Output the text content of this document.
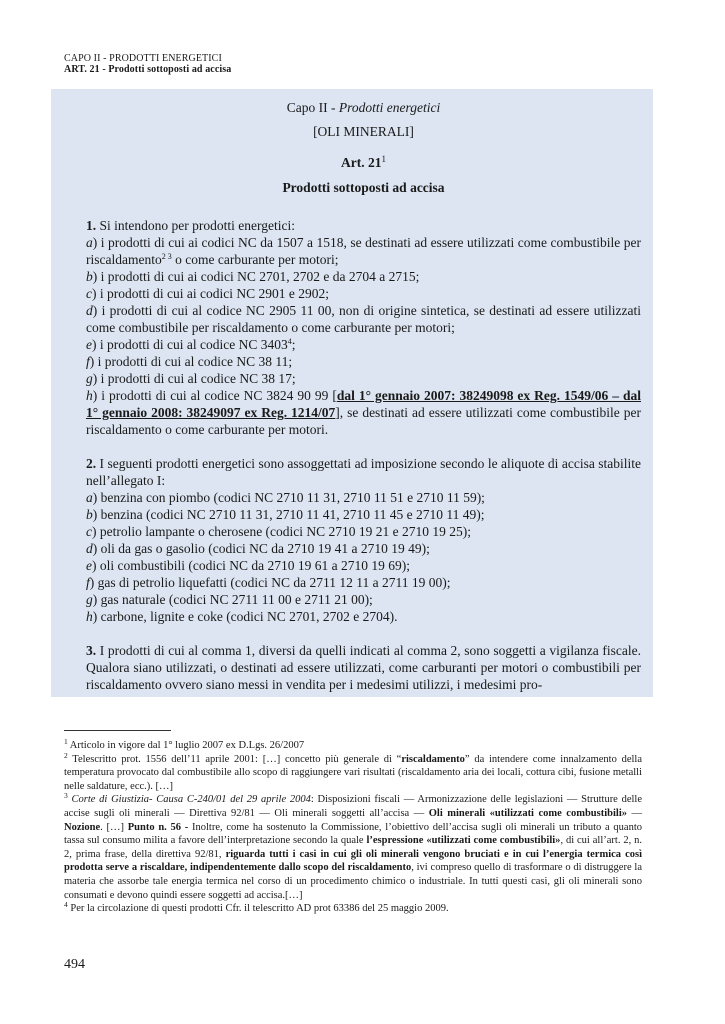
CAPO II - PRODOTTI ENERGETICI
ART. 21 - Prodotti sottoposti ad accisa
Capo II - Prodotti energetici
[OLI MINERALI]
Art. $21^1$
Prodotti sottoposti ad accisa

1. Si intendono per prodotti energetici:

a) i prodotti di cui ai codici NC da 1507 a 1518, se destinati ad essere utilizzati come combustibile per riscaldamento$^{2 3}$ o come carburante per motori;

b) i prodotti di cui ai codici NC 2701, 2702 e da 2704 a 2715;

c) i prodotti di cui ai codici NC 2901 e 2902;

d) i prodotti di cui al codice NC 2905 11 00, non di origine sintetica, se destinati ad essere utilizzati come combustibile per riscaldamento o come carburante per motori;

e) i prodotti di cui al codice NC 3403$^4$;

f) i prodotti di cui al codice NC 38 11;

g) i prodotti di cui al codice NC 38 17;

h) i prodotti di cui al codice NC 3824 90 99 [dal 1° gennaio 2007: 38249098 ex Reg. 1549/06 – dal 1° gennaio 2008: 38249097 ex Reg. 1214/07], se destinati ad essere utilizzati come combustibile per riscaldamento o come carburante per motori.

2. I seguenti prodotti energetici sono assoggettati ad imposizione secondo le aliquote di accisa stabilite nell’allegato I:

a) benzina con piombo (codici NC 2710 11 31, 2710 11 51 e 2710 11 59);

b) benzina (codici NC 2710 11 31, 2710 11 41, 2710 11 45 e 2710 11 49);

c) petrolio lampante o cherosene (codici NC 2710 19 21 e 2710 19 25);

d) oli da gas o gasolio (codici NC da 2710 19 41 a 2710 19 49);

e) oli combustibili (codici NC da 2710 19 61 a 2710 19 69);

f) gas di petrolio liquefatti (codici NC da 2711 12 11 a 2711 19 00);

g) gas naturale (codici NC 2711 11 00 e 2711 21 00);

h) carbone, lignite e coke (codici NC 2701, 2702 e 2704).

3. I prodotti di cui al comma 1, diversi da quelli indicati al comma 2, sono soggetti a vigilanza fiscale. Qualora siano utilizzati, o destinati ad essere utilizzati, come carburanti per motori o combustibili per riscaldamento ovvero siano messi in vendita per i medesimi utilizzi, i medesimi pro-

$^1$ Articolo in vigore dal 1° luglio 2007 ex D.Lgs. 26/2007
$^2$ Telescritto prot. 1556 dell’11 aprile 2001: […] concetto più generale di “riscaldamento” da intendere come innalzamento della temperatura provocato dal combustibile allo scopo di raggiungere vari risultati (riscaldamento aria dei locali, cottura cibi, fusione metalli nelle saldature, ecc.). […]
$^3$ Corte di Giustizia- Causa C-240/01 del 29 aprile 2004: Disposizioni fiscali — Armonizzazione delle legislazioni — Strutture delle accise sugli oli minerali — Direttiva 92/81 — Oli minerali soggetti all’accisa — Oli minerali «utilizzati come combustibili» — Nozione. […] Punto n. 56 - Inoltre, come ha sostenuto la Commissione, l’obiettivo dell’accisa sugli oli minerali un tributo a quanto tassa sul consumo milita a favore dell’interpretazione secondo la quale l’espressione «utilizzati come combustibili», di cui all’art. 2, n. 2, prima frase, della direttiva 92/81, riguarda tutti i casi in cui gli oli minerali vengono bruciati e in cui l’energia termica così prodotta serve a riscaldare, indipendentemente dallo scopo del riscaldamento, ivi compreso quello di trasformare o di distruggere la materia che assorbe tale energia termica nel corso di un procedimento chimico o industriale. In tutti questi casi, gli oli minerali sono consumati e devono quindi essere soggetti ad accisa.[…]
$^4$ Per la circolazione di questi prodotti Cfr. il telescritto AD prot 63386 del 25 maggio 2009.
494
